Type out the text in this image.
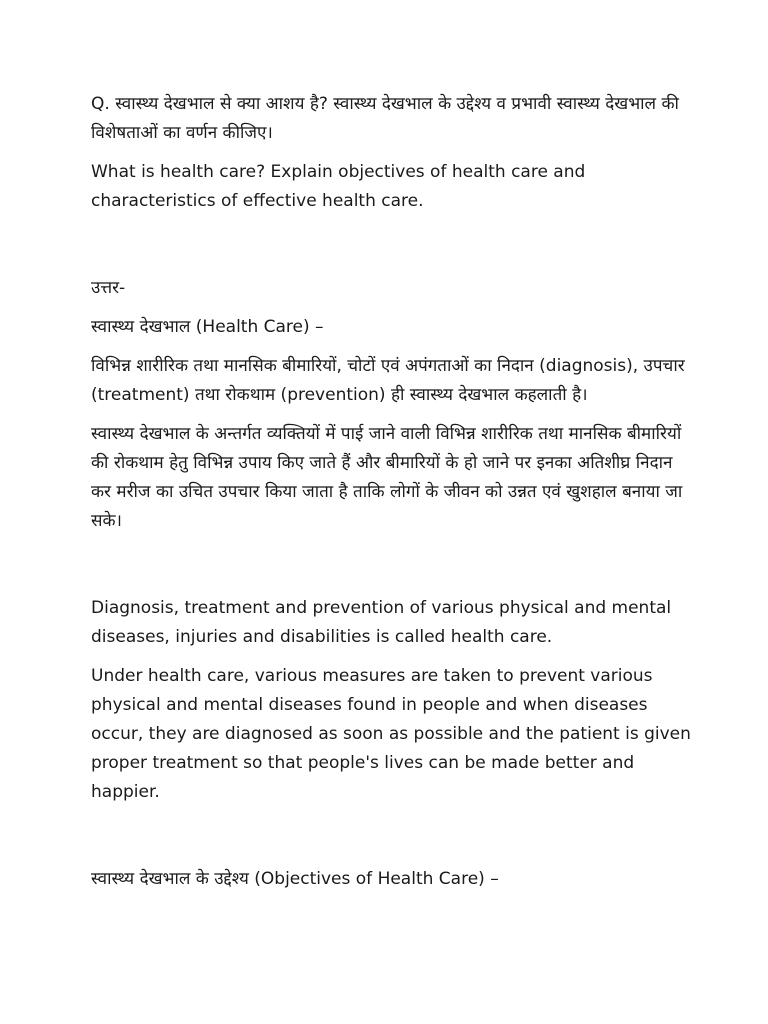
Q. स्वास्थ्य देखभाल से क्या आशय है? स्वास्थ्य देखभाल के उद्देश्य व प्रभावी स्वास्थ्य देखभाल की विशेषताओं का वर्णन कीजिए।

What is health care? Explain objectives of health care and characteristics of effective health care.

उत्तर-

स्वास्थ्य देखभाल (Health Care) –

विभिन्न शारीरिक तथा मानसिक बीमारियों, चोटों एवं अपंगताओं का निदान (diagnosis), उपचार (treatment) तथा रोकथाम (prevention) ही स्वास्थ्य देखभाल कहलाती है।

स्वास्थ्य देखभाल के अन्तर्गत व्यक्तियों में पाई जाने वाली विभिन्न शारीरिक तथा मानसिक बीमारियों की रोकथाम हेतु विभिन्न उपाय किए जाते हैं और बीमारियों के हो जाने पर इनका अतिशीघ्र निदान कर मरीज का उचित उपचार किया जाता है ताकि लोगों के जीवन को उन्नत एवं खुशहाल बनाया जा सके।

Diagnosis, treatment and prevention of various physical and mental diseases, injuries and disabilities is called health care.

Under health care, various measures are taken to prevent various physical and mental diseases found in people and when diseases occur, they are diagnosed as soon as possible and the patient is given proper treatment so that people's lives can be made better and happier.

स्वास्थ्य देखभाल के उद्देश्य (Objectives of Health Care) –
